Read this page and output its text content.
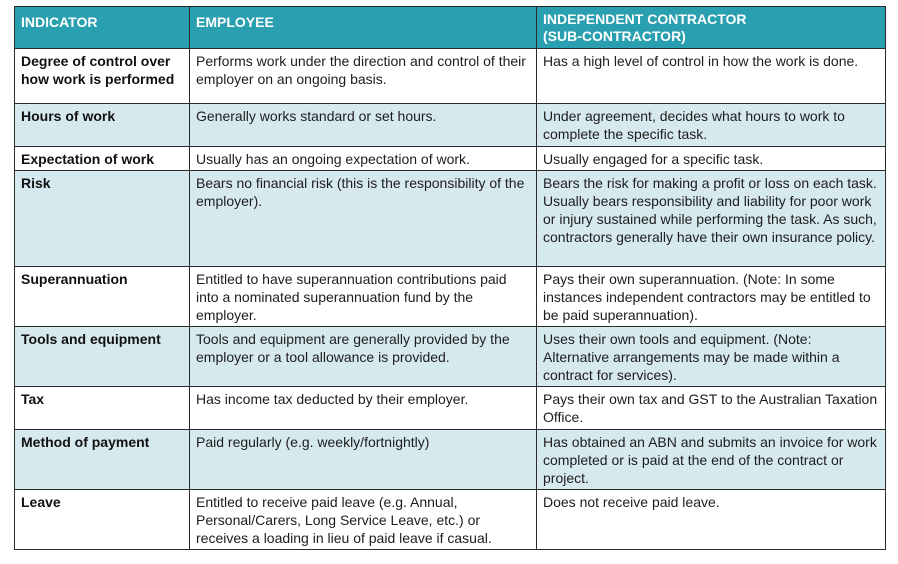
INDICATOR	EMPLOYEE	INDEPENDENT CONTRACTOR
(SUB-CONTRACTOR)

Degree of control over how work is performed	Performs work under the direction and control of their employer on an ongoing basis.	Has a high level of control in how the work is done.
Hours of work	Generally works standard or set hours.	Under agreement, decides what hours to work to complete the specific task.
Expectation of work	Usually has an ongoing expectation of work.	Usually engaged for a specific task.
Risk	Bears no financial risk (this is the responsibility of the employer).	Bears the risk for making a profit or loss on each task. Usually bears responsibility and liability for poor work or injury sustained while performing the task. As such, contractors generally have their own insurance policy.
Superannuation	Entitled to have superannuation contributions paid into a nominated superannuation fund by the employer.	Pays their own superannuation. (Note: In some instances independent contractors may be entitled to be paid superannuation).
Tools and equipment	Tools and equipment are generally provided by the employer or a tool allowance is provided.	Uses their own tools and equipment. (Note: Alternative arrangements may be made within a contract for services).
Tax	Has income tax deducted by their employer.	Pays their own tax and GST to the Australian Taxation Office.
Method of payment	Paid regularly (e.g. weekly/fortnightly)	Has obtained an ABN and submits an invoice for work completed or is paid at the end of the contract or project.
Leave	Entitled to receive paid leave (e.g. Annual, Personal/Carers, Long Service Leave, etc.) or receives a loading in lieu of paid leave if casual.	Does not receive paid leave.
